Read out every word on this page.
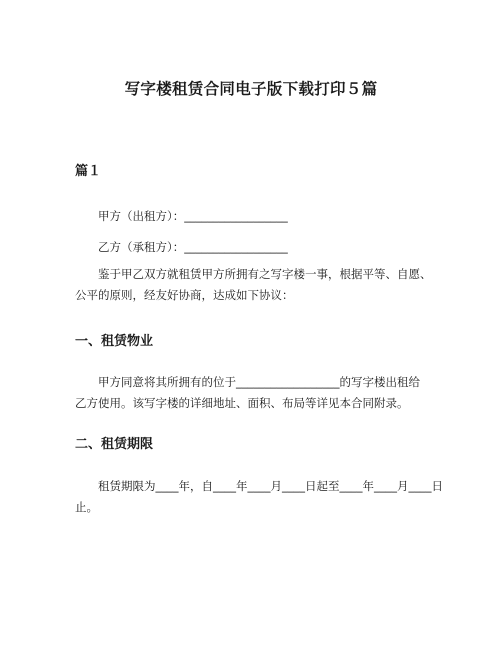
写字楼租赁合同电子版下载打印５篇
篇１
甲方（出租方）：__________________
乙方（承租方）：__________________
鉴于甲乙双方就租赁甲方所拥有之写字楼一事，根据平等、自愿、
公平的原则，经友好协商，达成如下协议：
一、租赁物业
甲方同意将其所拥有的位于__________________的写字楼出租给
乙方使用。该写字楼的详细地址、面积、布局等详见本合同附录。
二、租赁期限
租赁期限为____年，自____年____月____日起至____年____月____日
止。
